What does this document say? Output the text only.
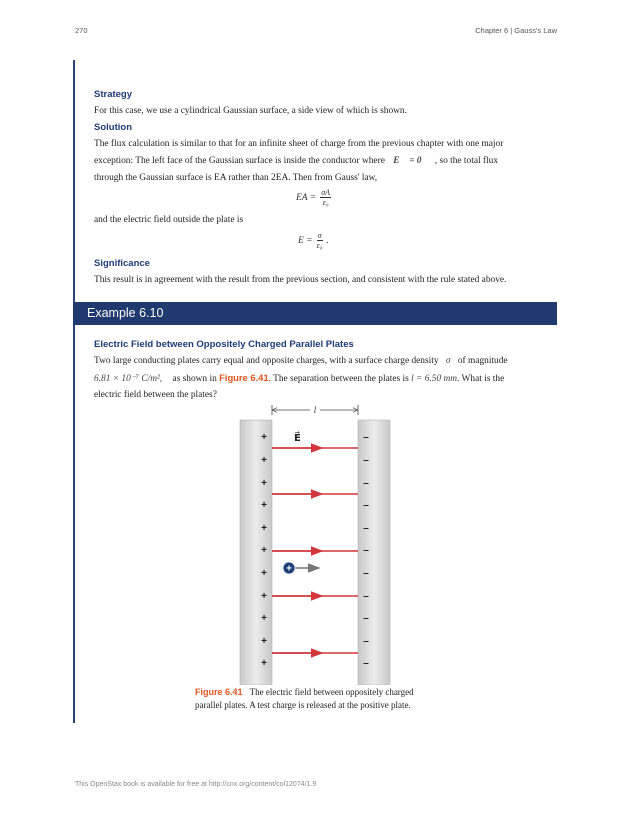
270	Chapter 6 | Gauss's Law
Strategy
For this case, we use a cylindrical Gaussian surface, a side view of which is shown.
Solution
The flux calculation is similar to that for an infinite sheet of charge from the previous chapter with one major
exception: The left face of the Gaussian surface is inside the conductor where E⃗ = 0⃗ , so the total flux
through the Gaussian surface is EA rather than 2EA. Then from Gauss' law,
EA = $\frac{\sigma A}{\text{ε₀}}$
and the electric field outside the plate is
$E = \frac{\sigma}{\text{ε₀}}$ .
Significance
This result is in agreement with the result from the previous section, and consistent with the rule stated above.
Example 6.10
Electric Field between Oppositely Charged Parallel Plates
Two large conducting plates carry equal and opposite charges, with a surface charge density σ of magnitude
6.81 × 10⁻⁷ C/m², as shown in Figure 6.41. The separation between the plates is l = 6.50 mm. What is the
electric field between the plates?
l
E⃗
+
+
+
+
+
+
+
+
+
+
–
–
–
–
–
–
–
–
–
–
+	–
+
Figure 6.41 The electric field between oppositely charged parallel plates. A test charge is released at the positive plate.
This OpenStax book is available for free at http://cnx.org/content/col12074/1.9
